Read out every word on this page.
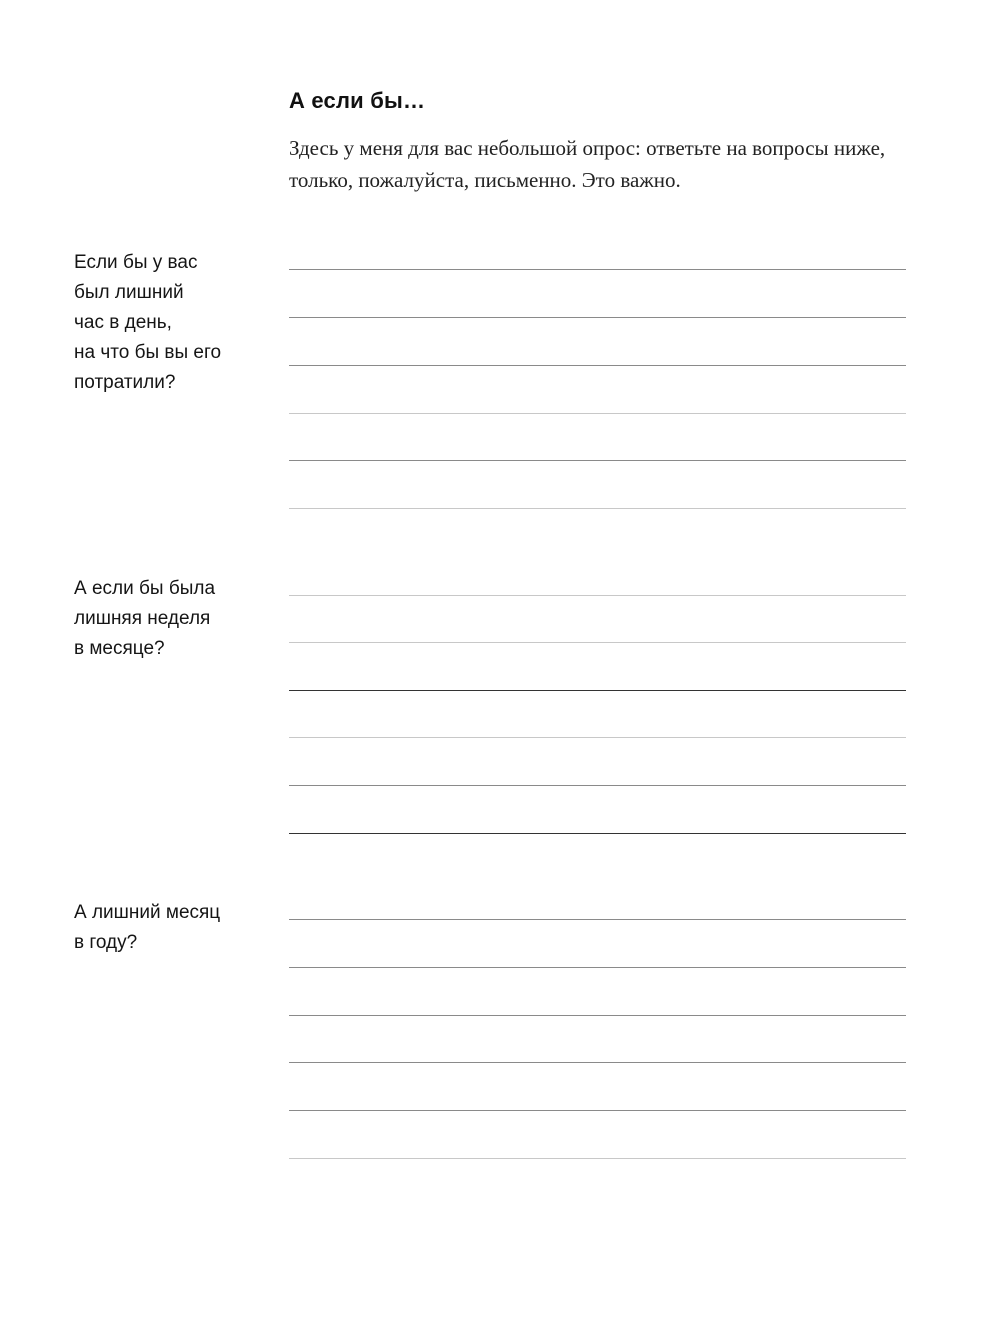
А если бы…

Здесь у меня для вас небольшой опрос: ответьте на вопросы ниже, только, пожалуйста, письменно. Это важно.

Если бы у вас
был лишний
час в день,
на что бы вы его
потратили?
А если бы была
лишняя неделя
в месяце?
А лишний месяц
в году?
